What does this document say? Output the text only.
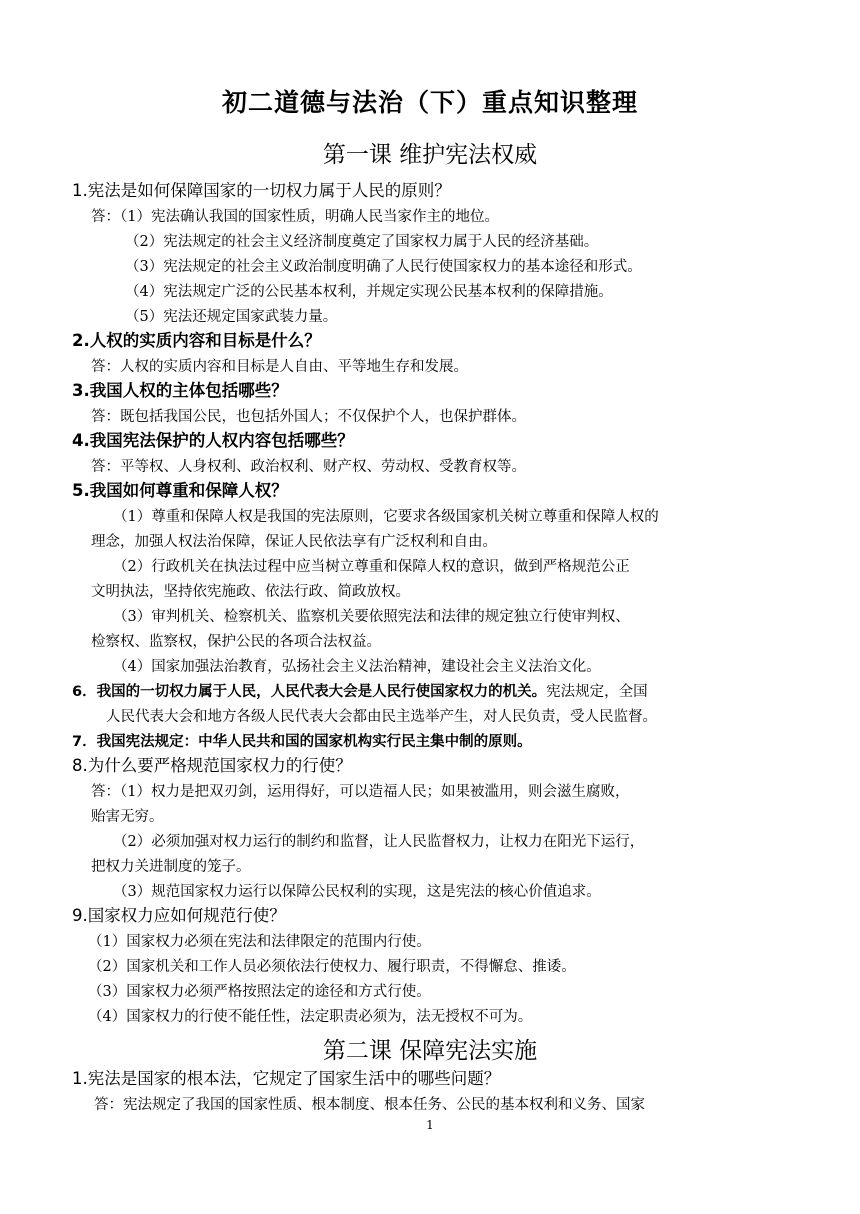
初二道德与法治（下）重点知识整理
第一课 维护宪法权威
1.宪法是如何保障国家的一切权力属于人民的原则？
答：（1）宪法确认我国的国家性质，明确人民当家作主的地位。
（2）宪法规定的社会主义经济制度奠定了国家权力属于人民的经济基础。
（3）宪法规定的社会主义政治制度明确了人民行使国家权力的基本途径和形式。
（4）宪法规定广泛的公民基本权利，并规定实现公民基本权利的保障措施。
（5）宪法还规定国家武装力量。
2.人权的实质内容和目标是什么？
答：人权的实质内容和目标是人自由、平等地生存和发展。
3.我国人权的主体包括哪些？
答：既包括我国公民，也包括外国人；不仅保护个人，也保护群体。
4.我国宪法保护的人权内容包括哪些？
答：平等权、人身权利、政治权利、财产权、劳动权、受教育权等。
5.我国如何尊重和保障人权？
（1）尊重和保障人权是我国的宪法原则，它要求各级国家机关树立尊重和保障人权的
理念，加强人权法治保障，保证人民依法享有广泛权利和自由。
（2）行政机关在执法过程中应当树立尊重和保障人权的意识，做到严格规范公正
文明执法，坚持依宪施政、依法行政、简政放权。
（3）审判机关、检察机关、监察机关要依照宪法和法律的规定独立行使审判权、
检察权、监察权，保护公民的各项合法权益。
（4）国家加强法治教育，弘扬社会主义法治精神，建设社会主义法治文化。
6．我国的一切权力属于人民，人民代表大会是人民行使国家权力的机关。宪法规定，全国
人民代表大会和地方各级人民代表大会都由民主选举产生，对人民负责，受人民监督。
7．我国宪法规定：中华人民共和国的国家机构实行民主集中制的原则。
8.为什么要严格规范国家权力的行使？
答：（1）权力是把双刃剑，运用得好，可以造福人民；如果被滥用，则会滋生腐败，
贻害无穷。
（2）必须加强对权力运行的制约和监督，让人民监督权力，让权力在阳光下运行，
把权力关进制度的笼子。
（3）规范国家权力运行以保障公民权利的实现，这是宪法的核心价值追求。
9.国家权力应如何规范行使？
（1）国家权力必须在宪法和法律限定的范围内行使。
（2）国家机关和工作人员必须依法行使权力、履行职责，不得懈怠、推诿。
（3）国家权力必须严格按照法定的途径和方式行使。
（4）国家权力的行使不能任性，法定职责必须为，法无授权不可为。
第二课 保障宪法实施
1.宪法是国家的根本法，它规定了国家生活中的哪些问题？
答：宪法规定了我国的国家性质、根本制度、根本任务、公民的基本权利和义务、国家
1
